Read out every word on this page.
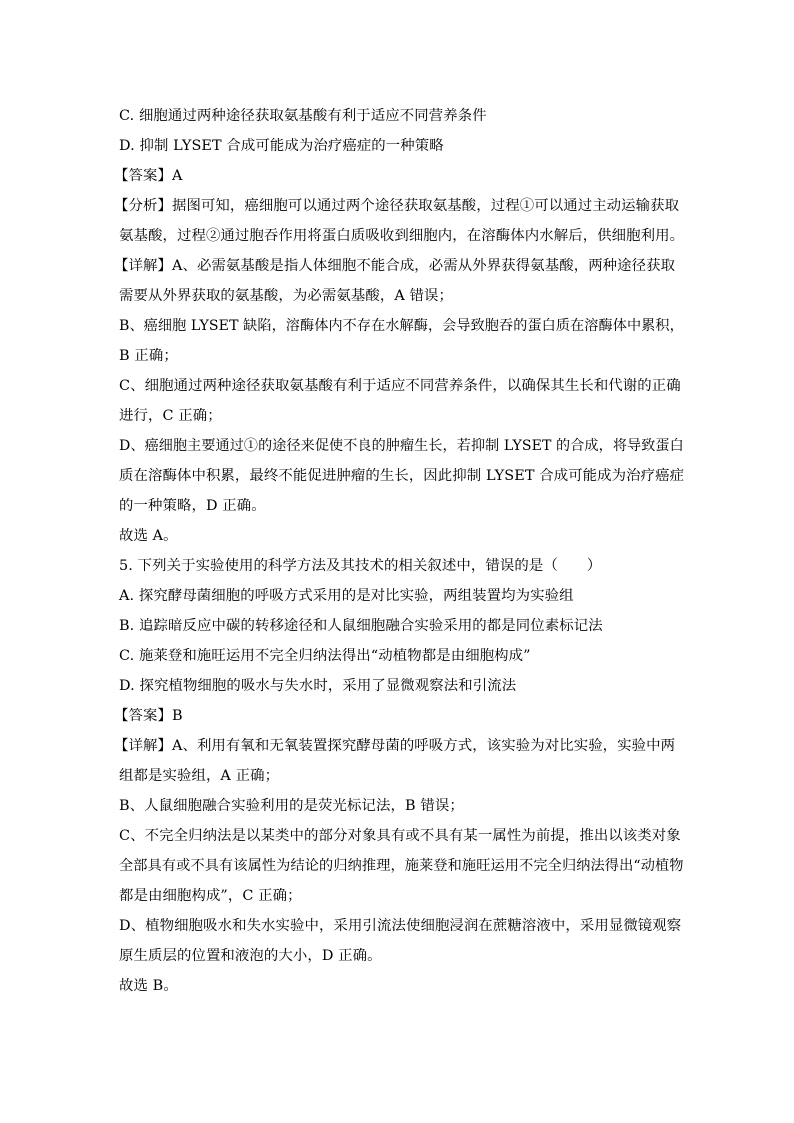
C. 细胞通过两种途径获取氨基酸有利于适应不同营养条件
D. 抑制 LYSET 合成可能成为治疗癌症的一种策略
【答案】A
【分析】据图可知，癌细胞可以通过两个途径获取氨基酸，过程①可以通过主动运输获取
氨基酸，过程②通过胞吞作用将蛋白质吸收到细胞内，在溶酶体内水解后，供细胞利用。
【详解】A、必需氨基酸是指人体细胞不能合成，必需从外界获得氨基酸，两种途径获取
需要从外界获取的氨基酸，为必需氨基酸，A 错误；
B、癌细胞 LYSET 缺陷，溶酶体内不存在水解酶，会导致胞吞的蛋白质在溶酶体中累积，
B 正确；
C、细胞通过两种途径获取氨基酸有利于适应不同营养条件，以确保其生长和代谢的正确
进行，C 正确；
D、癌细胞主要通过①的途径来促使不良的肿瘤生长，若抑制 LYSET 的合成，将导致蛋白
质在溶酶体中积累，最终不能促进肿瘤的生长，因此抑制 LYSET 合成可能成为治疗癌症
的一种策略，D 正确。
故选 A。
5. 下列关于实验使用的科学方法及其技术的相关叙述中，错误的是（　　）
A. 探究酵母菌细胞的呼吸方式采用的是对比实验，两组装置均为实验组
B. 追踪暗反应中碳的转移途径和人鼠细胞融合实验采用的都是同位素标记法
C. 施莱登和施旺运用不完全归纳法得出“动植物都是由细胞构成”
D. 探究植物细胞的吸水与失水时，采用了显微观察法和引流法
【答案】B
【详解】A、利用有氧和无氧装置探究酵母菌的呼吸方式，该实验为对比实验，实验中两
组都是实验组，A 正确；
B、人鼠细胞融合实验利用的是荧光标记法，B 错误；
C、不完全归纳法是以某类中的部分对象具有或不具有某一属性为前提，推出以该类对象
全部具有或不具有该属性为结论的归纳推理，施莱登和施旺运用不完全归纳法得出“动植物
都是由细胞构成”，C 正确；
D、植物细胞吸水和失水实验中，采用引流法使细胞浸润在蔗糖溶液中，采用显微镜观察
原生质层的位置和液泡的大小，D 正确。
故选 B。
